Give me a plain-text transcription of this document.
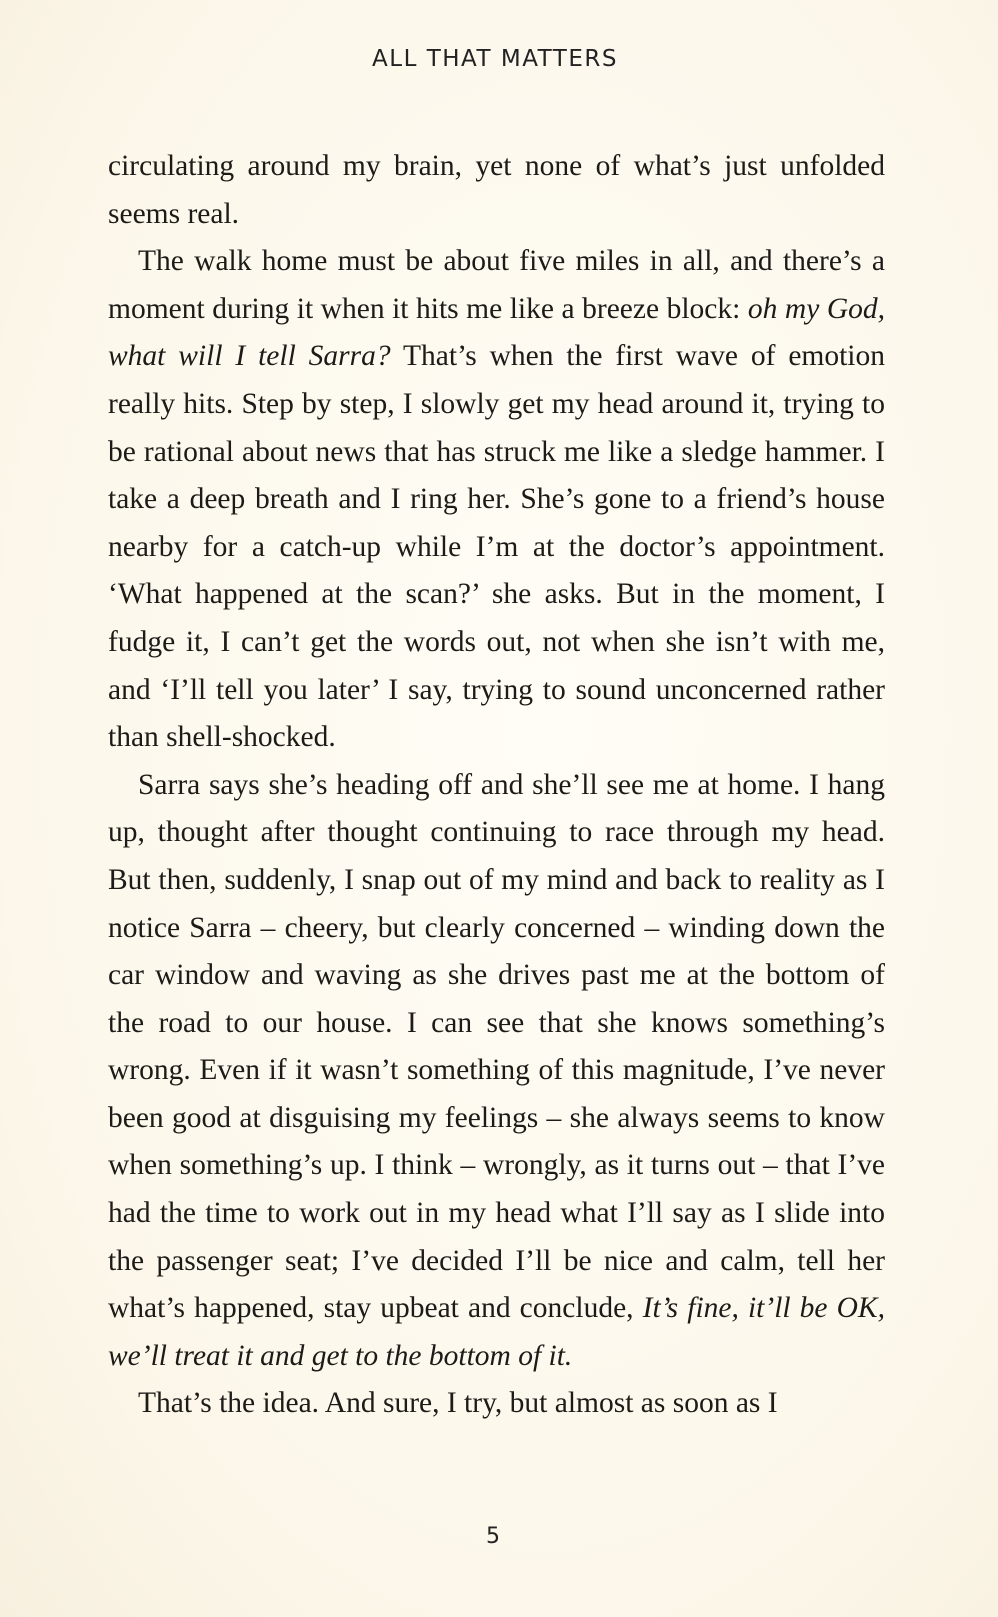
ALL THAT MATTERS

circulating around my brain, yet none of what’s just unfolded seems real.

The walk home must be about five miles in all, and there’s a moment during it when it hits me like a breeze block: oh my God, what will I tell Sarra? That’s when the first wave of emotion really hits. Step by step, I slowly get my head around it, trying to be rational about news that has struck me like a sledge hammer. I take a deep breath and I ring her. She’s gone to a friend’s house nearby for a catch-up while I’m at the doctor’s appointment. ‘What happened at the scan?’ she asks. But in the moment, I fudge it, I can’t get the words out, not when she isn’t with me, and ‘I’ll tell you later’ I say, trying to sound unconcerned rather than shell-shocked.

Sarra says she’s heading off and she’ll see me at home. I hang up, thought after thought continuing to race through my head. But then, suddenly, I snap out of my mind and back to reality as I notice Sarra – cheery, but clearly concerned – winding down the car window and waving as she drives past me at the bottom of the road to our house. I can see that she knows something’s wrong. Even if it wasn’t something of this magnitude, I’ve never been good at disguising my feelings – she always seems to know when something’s up. I think – wrongly, as it turns out – that I’ve had the time to work out in my head what I’ll say as I slide into the passenger seat; I’ve decided I’ll be nice and calm, tell her what’s happened, stay upbeat and conclude, It’s fine, it’ll be OK, we’ll treat it and get to the bottom of it.

That’s the idea. And sure, I try, but almost as soon as I

5
